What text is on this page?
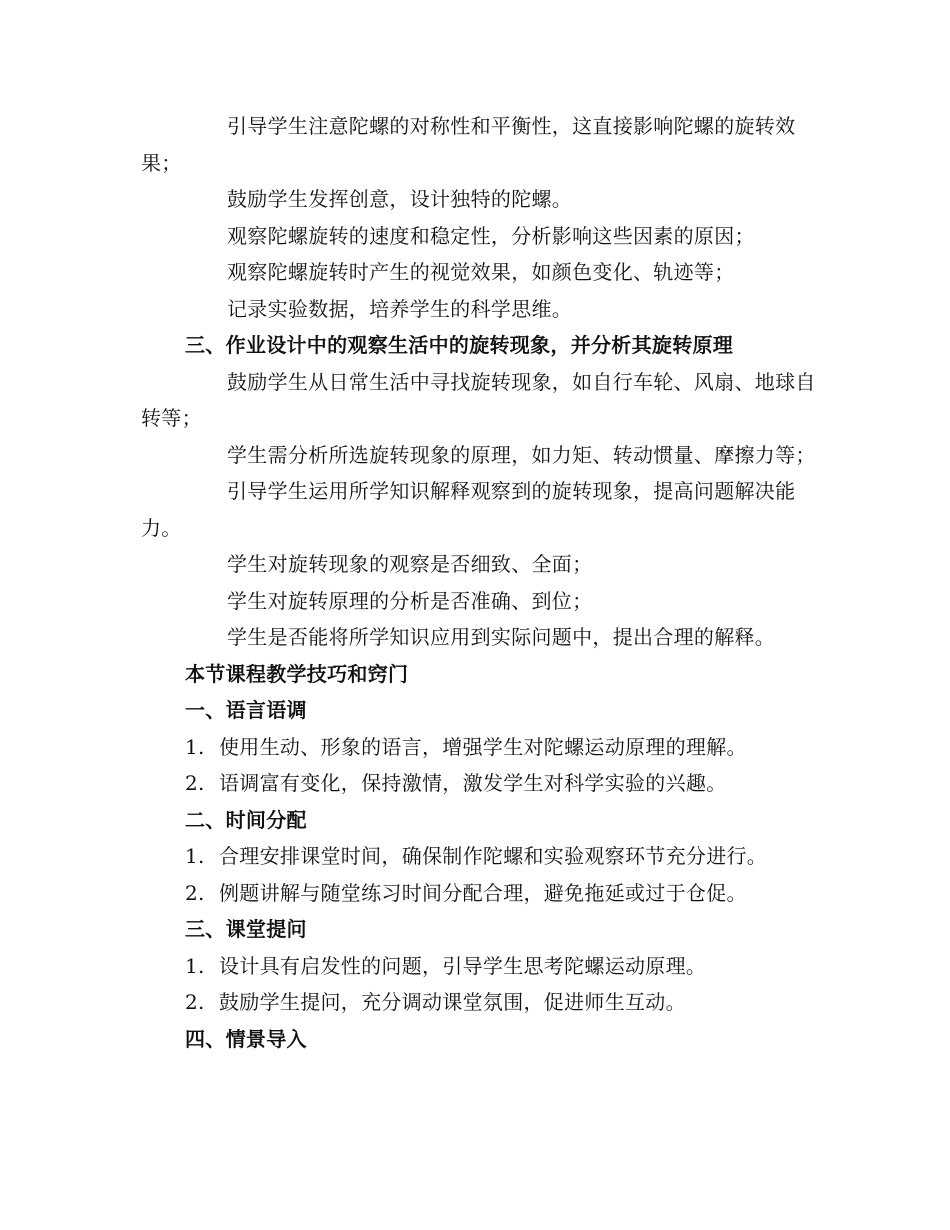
引导学生注意陀螺的对称性和平衡性，这直接影响陀螺的旋转效果；

鼓励学生发挥创意，设计独特的陀螺。

观察陀螺旋转的速度和稳定性，分析影响这些因素的原因；

观察陀螺旋转时产生的视觉效果，如颜色变化、轨迹等；

记录实验数据，培养学生的科学思维。

三、作业设计中的观察生活中的旋转现象，并分析其旋转原理

鼓励学生从日常生活中寻找旋转现象，如自行车轮、风扇、地球自转等；

学生需分析所选旋转现象的原理，如力矩、转动惯量、摩擦力等；

引导学生运用所学知识解释观察到的旋转现象，提高问题解决能力。

学生对旋转现象的观察是否细致、全面；

学生对旋转原理的分析是否准确、到位；

学生是否能将所学知识应用到实际问题中，提出合理的解释。

本节课程教学技巧和窍门

一、语言语调

1. 使用生动、形象的语言，增强学生对陀螺运动原理的理解。

2. 语调富有变化，保持激情，激发学生对科学实验的兴趣。

二、时间分配

1. 合理安排课堂时间，确保制作陀螺和实验观察环节充分进行。

2. 例题讲解与随堂练习时间分配合理，避免拖延或过于仓促。

三、课堂提问

1. 设计具有启发性的问题，引导学生思考陀螺运动原理。

2. 鼓励学生提问，充分调动课堂氛围，促进师生互动。

四、情景导入
